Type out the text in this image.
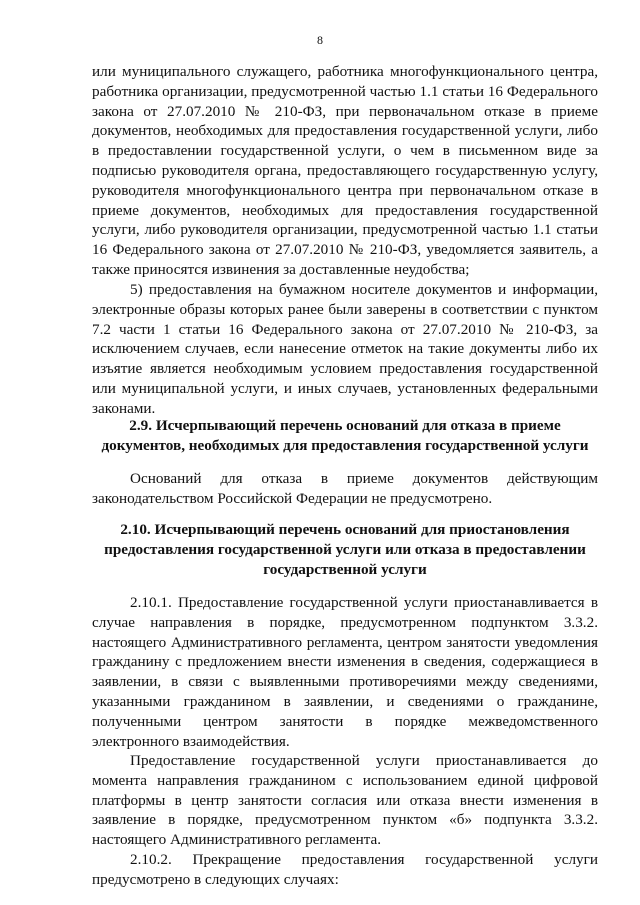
8
или муниципального служащего, работника многофункционального центра,
работника организации, предусмотренной частью 1.1 статьи 16 Федерального
закона от 27.07.2010 № 210-ФЗ, при первоначальном отказе в приеме
документов, необходимых для предоставления государственной услуги, либо
в предоставлении государственной услуги, о чем в письменном виде за
подписью руководителя органа, предоставляющего государственную услугу,
руководителя многофункционального центра при первоначальном отказе в
приеме документов, необходимых для предоставления государственной
услуги, либо руководителя организации, предусмотренной частью 1.1 статьи
16 Федерального закона от 27.07.2010 № 210-ФЗ, уведомляется заявитель, а
также приносятся извинения за доставленные неудобства;
5) предоставления на бумажном носителе документов и информации,
электронные образы которых ранее были заверены в соответствии с пунктом
7.2 части 1 статьи 16 Федерального закона от 27.07.2010 № 210-ФЗ, за
исключением случаев, если нанесение отметок на такие документы либо их
изъятие является необходимым условием предоставления государственной
или муниципальной услуги, и иных случаев, установленных федеральными
законами.
2.9. Исчерпывающий перечень оснований для отказа в приеме
документов, необходимых для предоставления государственной услуги
Оснований для отказа в приеме документов действующим
законодательством Российской Федерации не предусмотрено.
2.10. Исчерпывающий перечень оснований для приостановления
предоставления государственной услуги или отказа в предоставлении
государственной услуги
2.10.1. Предоставление государственной услуги приостанавливается в
случае направления в порядке, предусмотренном подпунктом 3.3.2.
настоящего Административного регламента, центром занятости уведомления
гражданину с предложением внести изменения в сведения, содержащиеся в
заявлении, в связи с выявленными противоречиями между сведениями,
указанными гражданином в заявлении, и сведениями о гражданине,
полученными центром занятости в порядке межведомственного
электронного взаимодействия.
Предоставление государственной услуги приостанавливается до
момента направления гражданином с использованием единой цифровой
платформы в центр занятости согласия или отказа внести изменения в
заявление в порядке, предусмотренном пунктом «б» подпункта 3.3.2.
настоящего Административного регламента.
2.10.2. Прекращение предоставления государственной услуги
предусмотрено в следующих случаях:
